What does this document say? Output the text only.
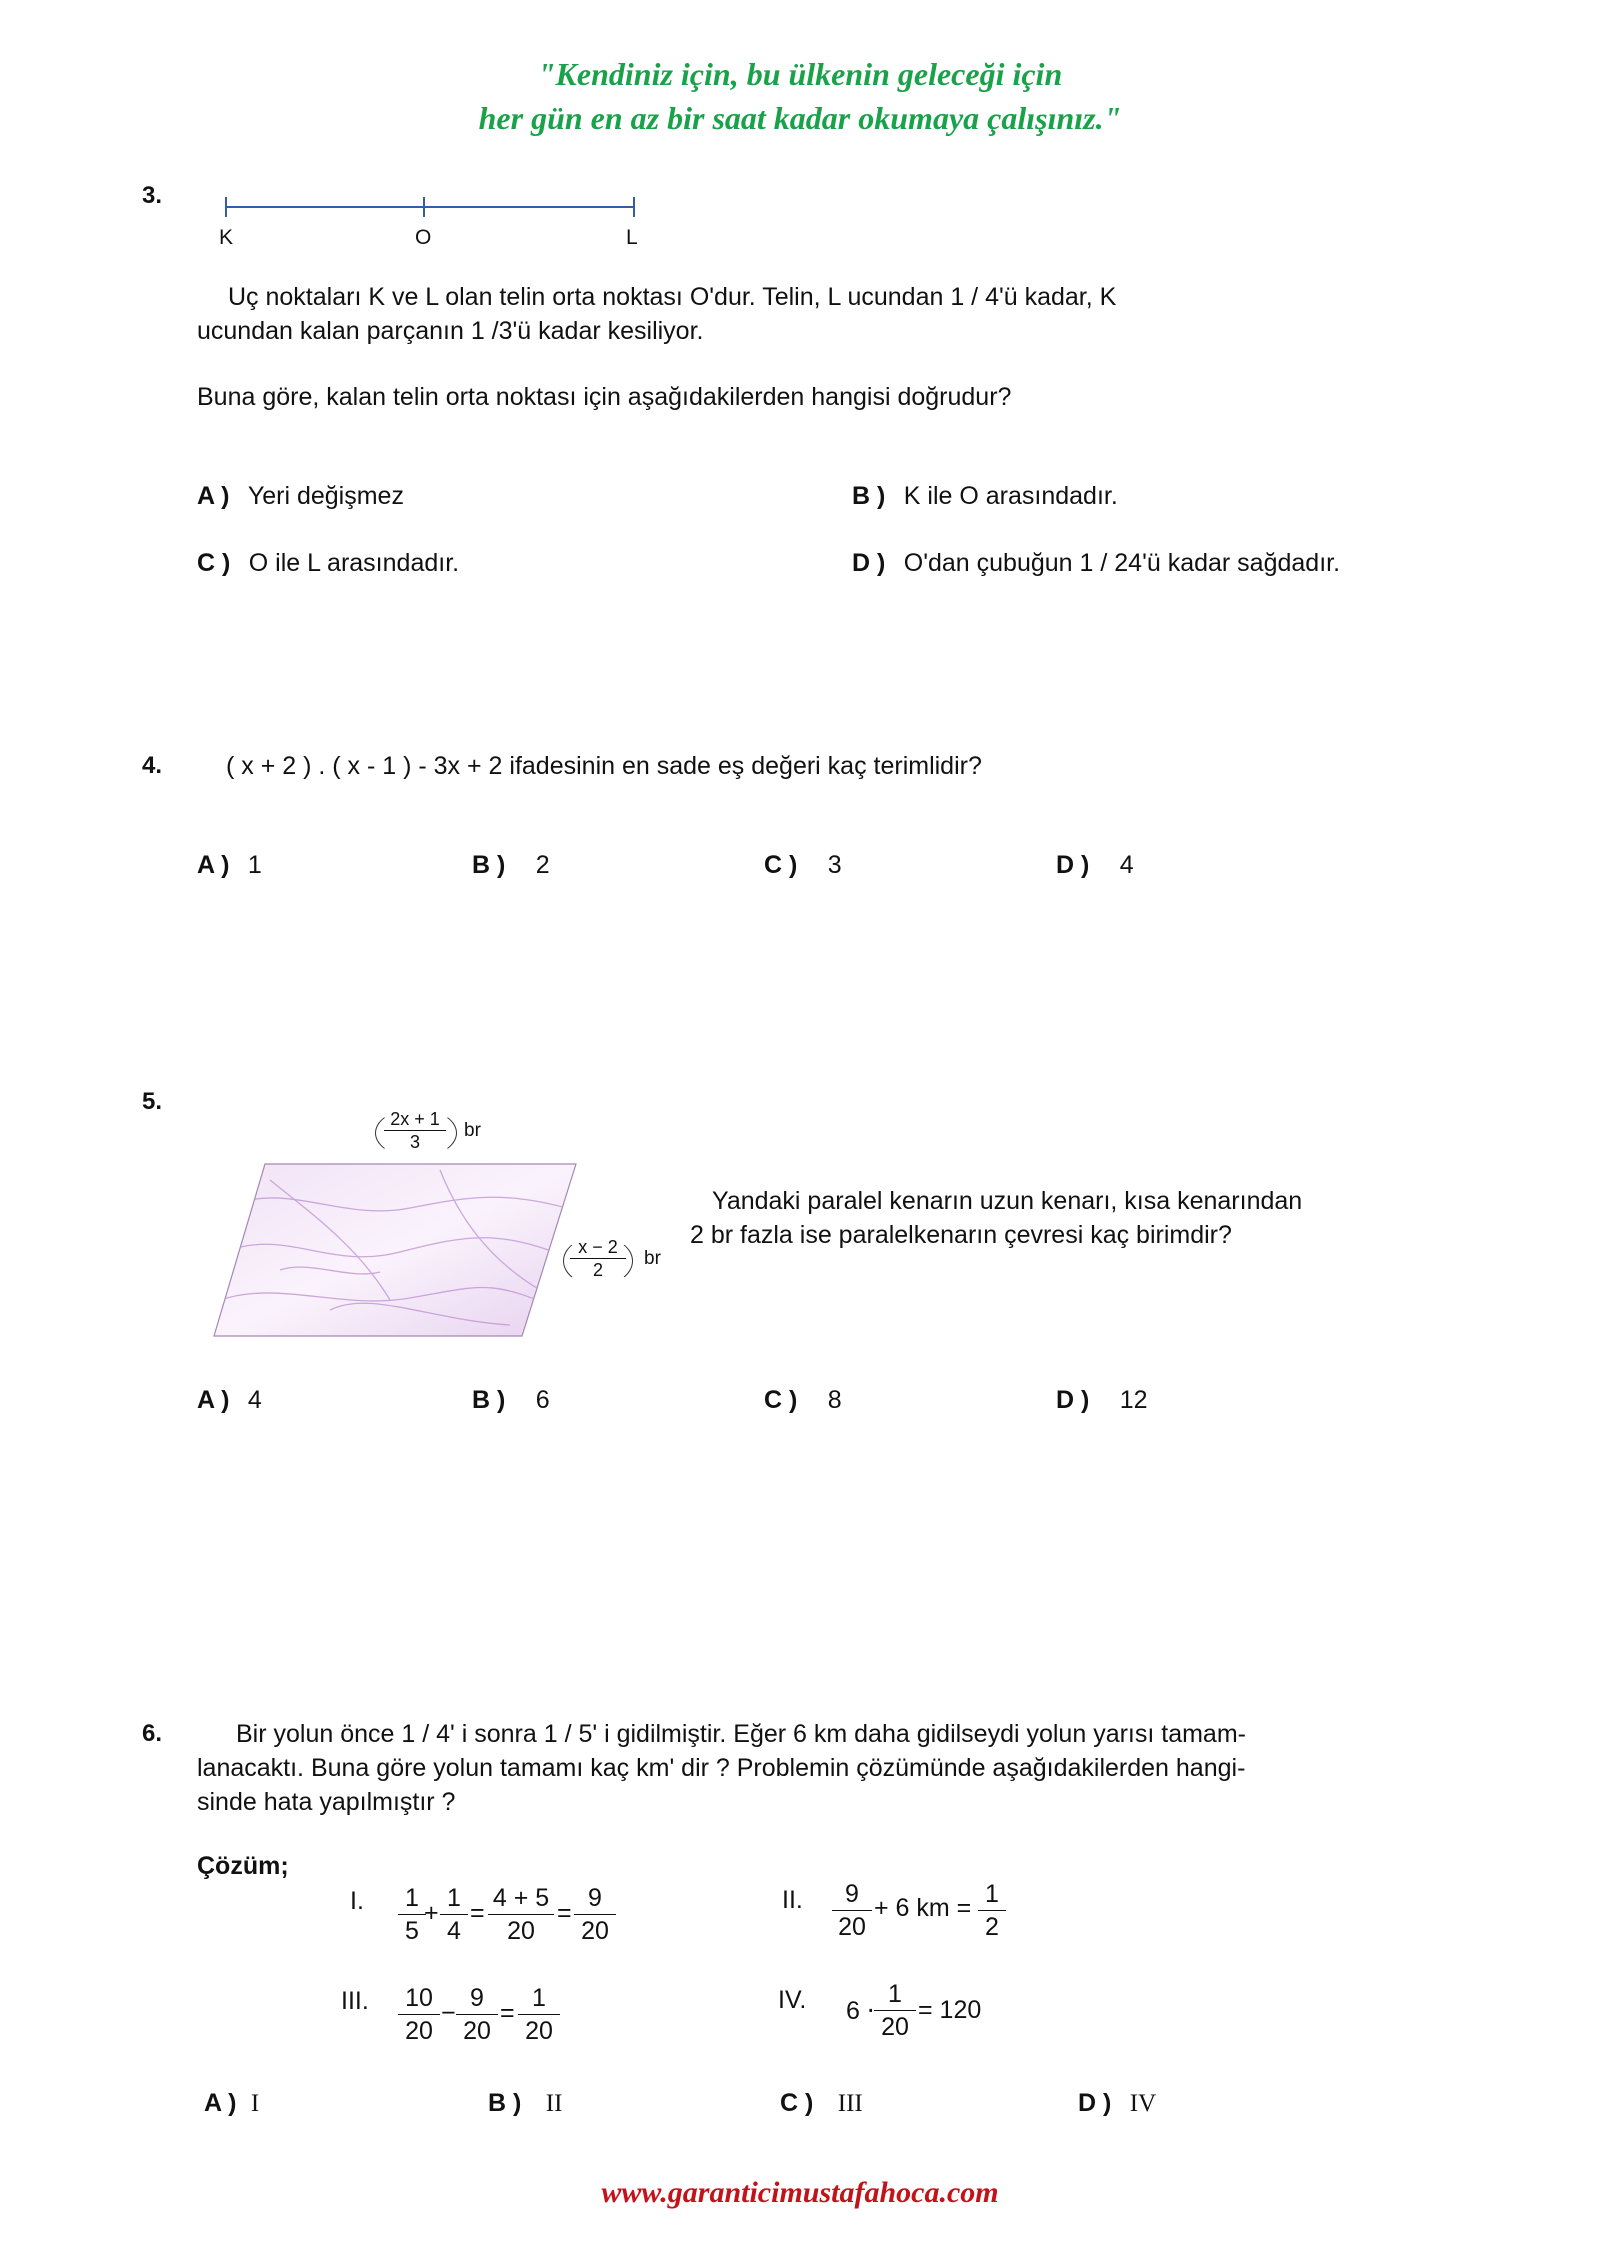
"Kendiniz için, bu ülkenin geleceği için
her gün en az bir saat kadar okumaya çalışınız."
3.
K	O	L
Uç noktaları K ve L olan telin orta noktası O'dur. Telin, L ucundan 1 / 4'ü kadar, K
ucundan kalan parçanın 1 /3'ü kadar kesiliyor.
Buna göre, kalan telin orta noktası için aşağıdakilerden hangisi doğrudur?
A ) Yeri değişmez	B ) K ile O arasındadır.
C ) O ile L arasındadır.	D ) O'dan çubuğun 1 / 24'ü kadar sağdadır.
4.	( x + 2 ) . ( x - 1 ) - 3x + 2 ifadesinin en sade eş değeri kaç terimlidir?
A ) 1	B ) 2	C ) 3	D ) 4
5.
$\frac{2x + 1}{3}$ br
$\frac{x - 2}{2}$ br
Yandaki paralel kenarın uzun kenarı, kısa kenarından
2 br fazla ise paralelkenarın çevresi kaç birimdir?
A ) 4	B ) 6	C ) 8	D ) 12
6.	Bir yolun önce 1 / 4' i sonra 1 / 5' i gidilmiştir. Eğer 6 km daha gidilseydi yolun yarısı tamam-
lanacaktı. Buna göre yolun tamamı kaç km' dir ? Problemin çözümünde aşağıdakilerden hangi-
sinde hata yapılmıştır ?
Çözüm;
I. $\frac{1}{5}$
+ $\frac{1}{4} = \frac{4 + 5}{20} = \frac{9}{20}$	II. $\frac{9}{20} + 6$ km = $\frac{1}{2}$
III. $\frac{10}{20} - \frac{9}{20} = \frac{1}{20}$	IV. $6 \cdot \frac{1}{20} = 120$
A ) I	B ) II	C ) III	D ) IV
www.garanticimustafahoca.com
